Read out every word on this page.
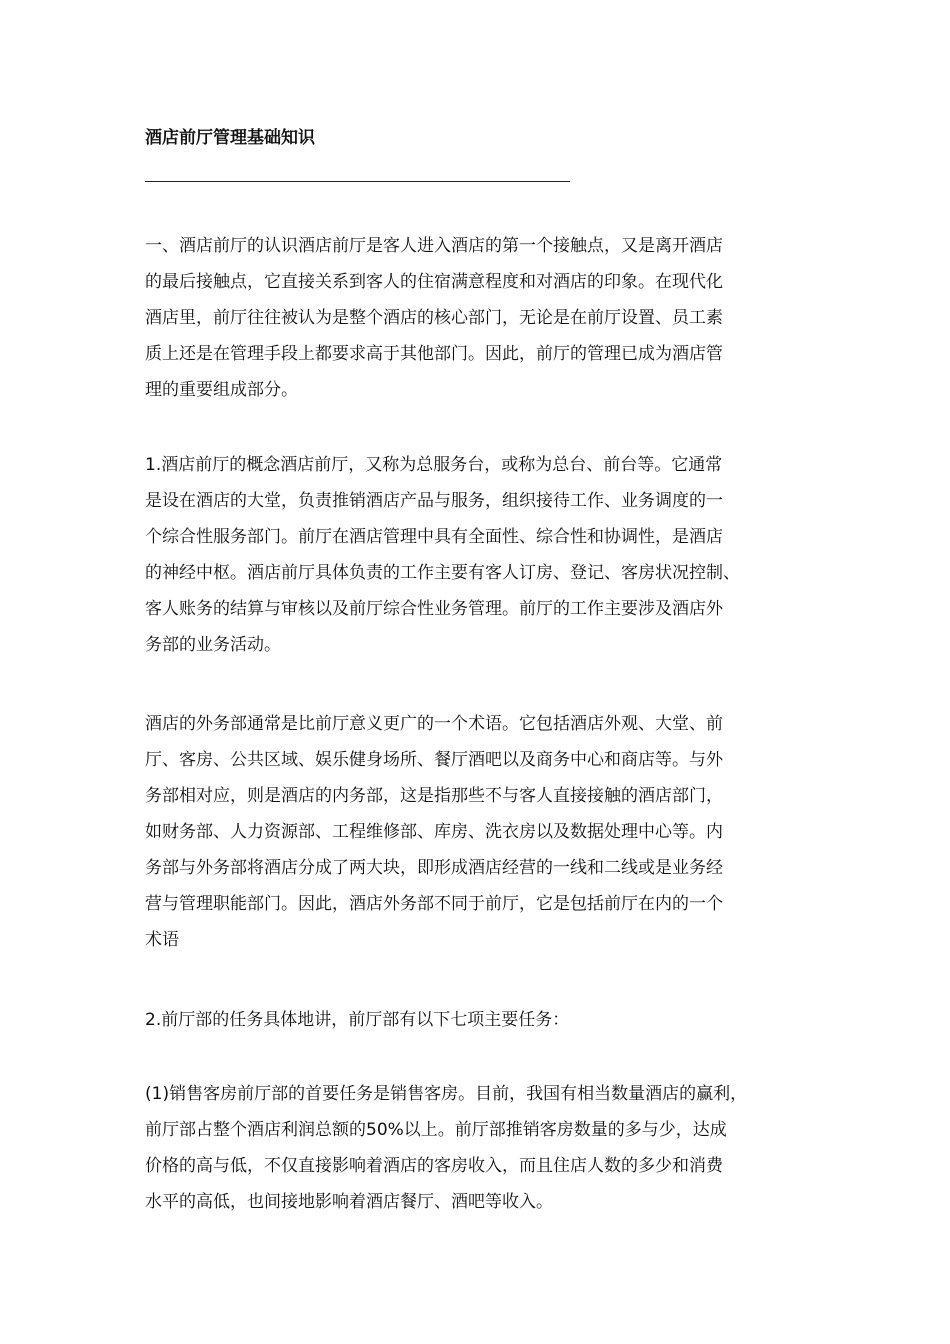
酒店前厅管理基础知识
一、酒店前厅的认识酒店前厅是客人进入酒店的第一个接触点，又是离开酒店
的最后接触点，它直接关系到客人的住宿满意程度和对酒店的印象。在现代化
酒店里，前厅往往被认为是整个酒店的核心部门，无论是在前厅设置、员工素
质上还是在管理手段上都要求高于其他部门。因此，前厅的管理已成为酒店管
理的重要组成部分。
1.酒店前厅的概念酒店前厅，又称为总服务台，或称为总台、前台等。它通常
是设在酒店的大堂，负责推销酒店产品与服务，组织接待工作、业务调度的一
个综合性服务部门。前厅在酒店管理中具有全面性、综合性和协调性，是酒店
的神经中枢。酒店前厅具体负责的工作主要有客人订房、登记、客房状况控制、
客人账务的结算与审核以及前厅综合性业务管理。前厅的工作主要涉及酒店外
务部的业务活动。
酒店的外务部通常是比前厅意义更广的一个术语。它包括酒店外观、大堂、前
厅、客房、公共区域、娱乐健身场所、餐厅酒吧以及商务中心和商店等。与外
务部相对应，则是酒店的内务部，这是指那些不与客人直接接触的酒店部门，
如财务部、人力资源部、工程维修部、库房、洗衣房以及数据处理中心等。内
务部与外务部将酒店分成了两大块，即形成酒店经营的一线和二线或是业务经
营与管理职能部门。因此，酒店外务部不同于前厅，它是包括前厅在内的一个
术语
2.前厅部的任务具体地讲，前厅部有以下七项主要任务：
(1)销售客房前厅部的首要任务是销售客房。目前，我国有相当数量酒店的赢利，
前厅部占整个酒店利润总额的50%以上。前厅部推销客房数量的多与少，达成
价格的高与低，不仅直接影响着酒店的客房收入，而且住店人数的多少和消费
水平的高低，也间接地影响着酒店餐厅、酒吧等收入。
